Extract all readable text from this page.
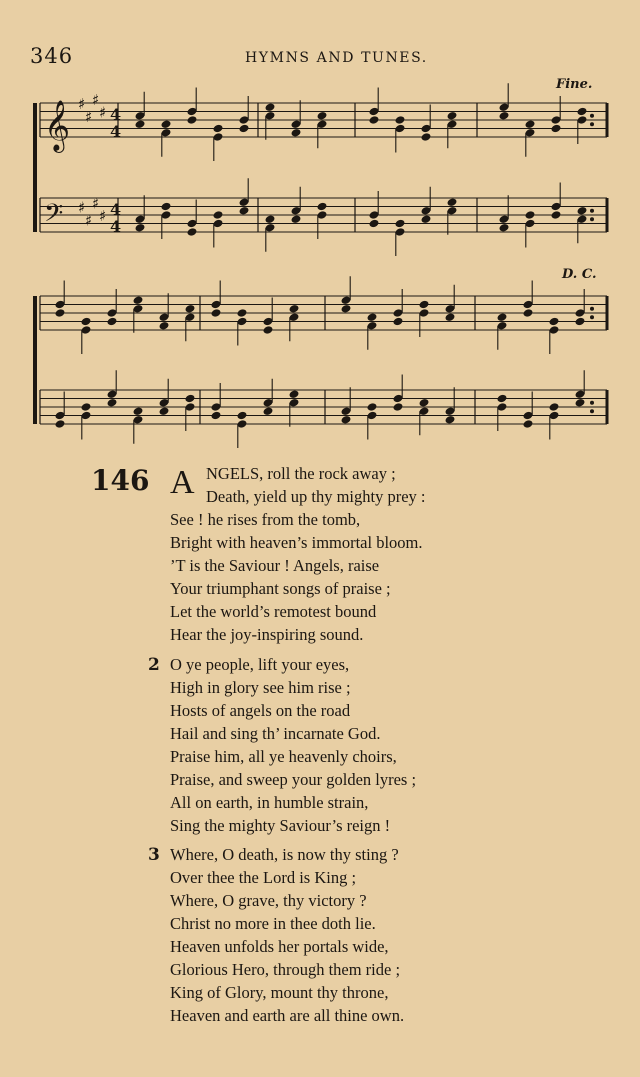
346	HYMNS AND TUNES.
Fine.
D. C.
𝄞
𝄢
♯
♯
♯
♯ 4
4
♯
♯
♯
♯ 4
4
146 A NGELS, roll the rock away ;
Death, yield up thy mighty prey :
See ! he rises from the tomb,
Bright with heaven’s immortal bloom.
’T is the Saviour ! Angels, raise
Your triumphant songs of praise ;
Let the world’s remotest bound
Hear the joy-inspiring sound.
2 O ye people, lift your eyes,
High in glory see him rise ;
Hosts of angels on the road
Hail and sing th’ incarnate God.
Praise him, all ye heavenly choirs,
Praise, and sweep your golden lyres ;
All on earth, in humble strain,
Sing the mighty Saviour’s reign !
3 Where, O death, is now thy sting ?
Over thee the Lord is King ;
Where, O grave, thy victory ?
Christ no more in thee doth lie.
Heaven unfolds her portals wide,
Glorious Hero, through them ride ;
King of Glory, mount thy throne,
Heaven and earth are all thine own.
